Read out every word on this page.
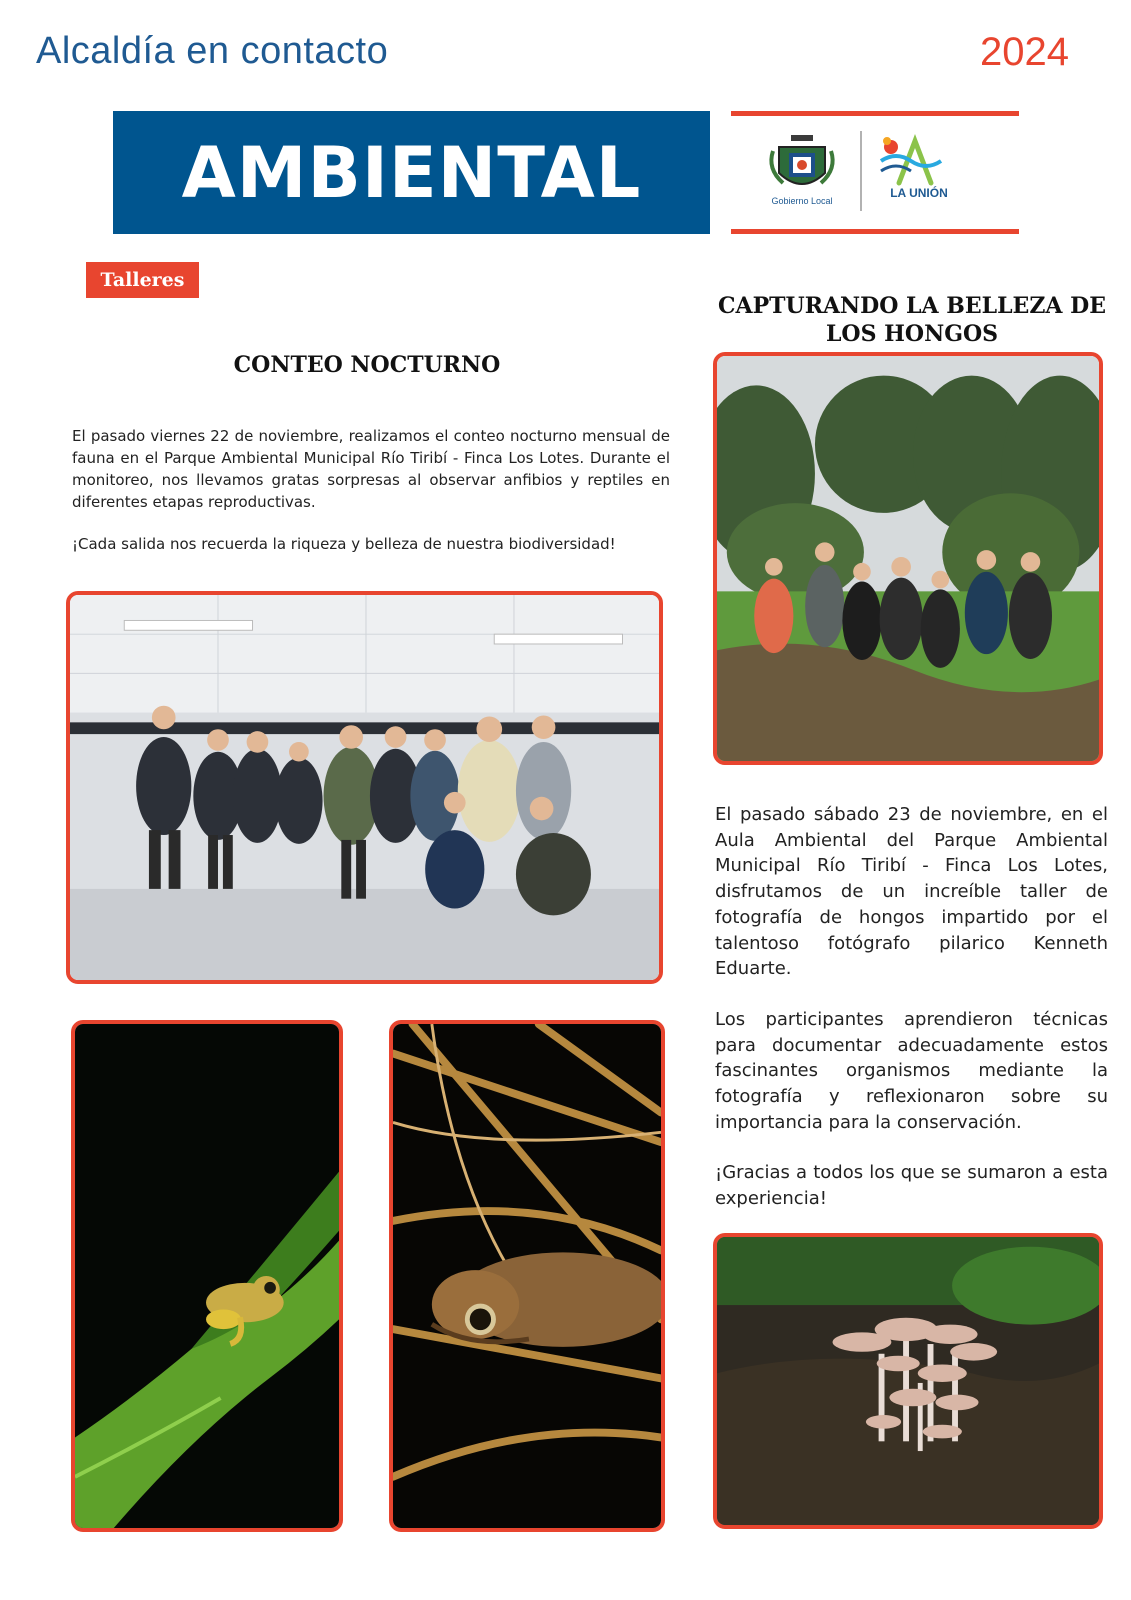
Alcaldía en contacto	2024
AMBIENTAL	Gobierno Local
LA UNIÓN
Talleres
CONTEO NOCTURNO
CAPTURANDO LA BELLEZA DE LOS HONGOS

El pasado viernes 22 de noviembre, realizamos el conteo nocturno mensual de fauna en el Parque Ambiental Municipal Río Tiribí - Finca Los Lotes. Durante el monitoreo, nos llevamos gratas sorpresas al observar anfibios y reptiles en diferentes etapas reproductivas.

¡Cada salida nos recuerda la riqueza y belleza de nuestra biodiversidad!

El pasado sábado 23 de noviembre, en el Aula Ambiental del Parque Ambiental Municipal Río Tiribí - Finca Los Lotes, disfrutamos de un increíble taller de fotografía de hongos impartido por el talentoso fotógrafo pilarico Kenneth Eduarte.

Los participantes aprendieron técnicas para documentar adecuadamente estos fascinantes organismos mediante la fotografía y reflexionaron sobre su importancia para la conservación.

¡Gracias a todos los que se sumaron a esta experiencia!
